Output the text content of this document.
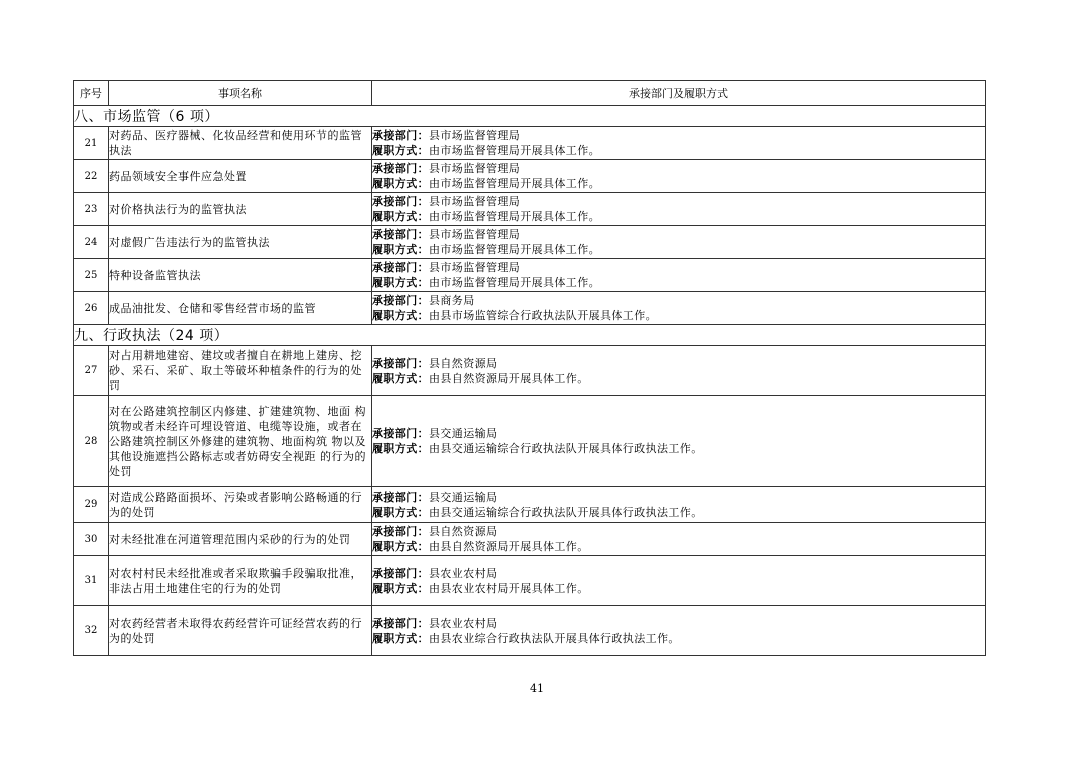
序号	事项名称	承接部门及履职方式
八、市场监管（6 项）		
21	对药品、医疗器械、化妆品经营和使用环节的监管执法	承接部门：县市场监督管理局
履职方式：由市场监督管理局开展具体工作。

22	药品领域安全事件应急处置	承接部门：县市场监督管理局
履职方式：由市场监督管理局开展具体工作。

23	对价格执法行为的监管执法	承接部门：县市场监督管理局
履职方式：由市场监督管理局开展具体工作。

24	对虚假广告违法行为的监管执法	承接部门：县市场监督管理局
履职方式：由市场监督管理局开展具体工作。

25	特种设备监管执法	承接部门：县市场监督管理局
履职方式：由市场监督管理局开展具体工作。

26	成品油批发、仓储和零售经营市场的监管	承接部门：县商务局
履职方式：由县市场监管综合行政执法队开展具体工作。

九、行政执法（24 项）		
27	对占用耕地建窑、建坟或者擅自在耕地上建房、挖砂、采石、采矿、取土等破坏种植条件的行为的处罚	承接部门：县自然资源局
履职方式：由县自然资源局开展具体工作。

28	对在公路建筑控制区内修建、扩建建筑物、地面 构筑物或者未经许可埋设管道、电缆等设施，或者在公路建筑控制区外修建的建筑物、地面构筑 物以及其他设施遮挡公路标志或者妨碍安全视距 的行为的处罚	承接部门：县交通运输局
履职方式：由县交通运输综合行政执法队开展具体行政执法工作。

29	对造成公路路面损坏、污染或者影响公路畅通的行为的处罚	承接部门：县交通运输局
履职方式：由县交通运输综合行政执法队开展具体行政执法工作。

30	对未经批准在河道管理范围内采砂的行为的处罚	承接部门：县自然资源局
履职方式：由县自然资源局开展具体工作。

31	对农村村民未经批准或者采取欺骗手段骗取批准，非法占用土地建住宅的行为的处罚	承接部门：县农业农村局
履职方式：由县农业农村局开展具体工作。

32	对农药经营者未取得农药经营许可证经营农药的行为的处罚	承接部门：县农业农村局
履职方式：由县农业综合行政执法队开展具体行政执法工作。
41
